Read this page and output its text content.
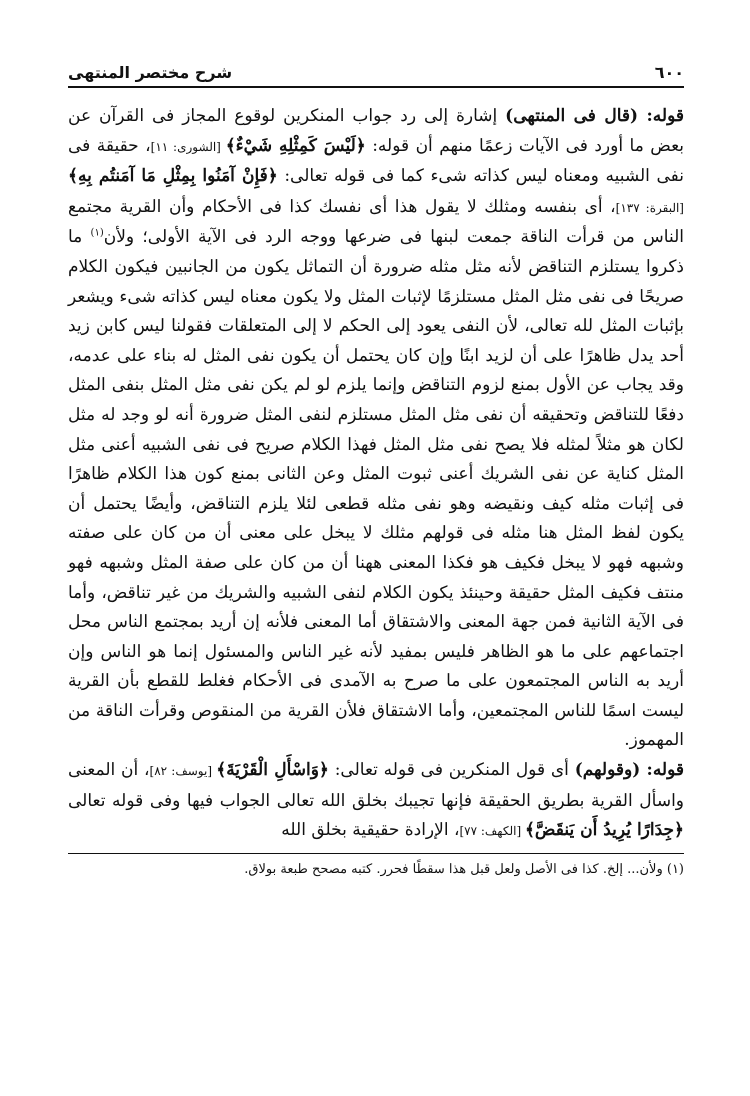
٦٠٠
شرح مختصر المنتهى

قوله: (قال فى المنتهى) إشارة إلى رد جواب المنكرين لوقوع المجاز فى القرآن عن بعض ما أورد فى الآيات زعمًا منهم أن قوله: ﴿لَيْسَ كَمِثْلِهِ شَيْءٌ﴾ [الشورى: ١١]، حقيقة فى نفى الشبيه ومعناه ليس كذاته شىء كما فى قوله تعالى: ﴿فَإِنْ آمَنُوا بِمِثْلِ مَا آمَنتُم بِهِ﴾ [البقرة: ١٣٧]، أى بنفسه ومثلك لا يقول هذا أى نفسك كذا فى الأحكام وأن القرية مجتمع الناس من قرأت الناقة جمعت لبنها فى ضرعها ووجه الرد فى الآية الأولى؛ ولأن$^{(١)}$ ما ذكروا يستلزم التناقض لأنه مثل مثله ضرورة أن التماثل يكون من الجانبين فيكون الكلام صريحًا فى نفى مثل المثل مستلزمًا لإثبات المثل ولا يكون معناه ليس كذاته شىء ويشعر بإثبات المثل لله تعالى، لأن النفى يعود إلى الحكم لا إلى المتعلقات فقولنا ليس كابن زيد أحد يدل ظاهرًا على أن لزيد ابنًا وإن كان يحتمل أن يكون نفى المثل له بناء على عدمه، وقد يجاب عن الأول بمنع لزوم التناقض وإنما يلزم لو لم يكن نفى مثل المثل بنفى المثل دفعًا للتناقض وتحقيقه أن نفى مثل المثل مستلزم لنفى المثل ضرورة أنه لو وجد له مثل لكان هو مثلاً لمثله فلا يصح نفى مثل المثل فهذا الكلام صريح فى نفى الشبيه أعنى مثل المثل كناية عن نفى الشريك أعنى ثبوت المثل وعن الثانى بمنع كون هذا الكلام ظاهرًا فى إثبات مثله كيف ونقيضه وهو نفى مثله قطعى لئلا يلزم التناقض، وأيضًا يحتمل أن يكون لفظ المثل هنا مثله فى قولهم مثلك لا يبخل على معنى أن من كان على صفته وشبهه فهو لا يبخل فكيف هو فكذا المعنى ههنا أن من كان على صفة المثل وشبهه فهو منتف فكيف المثل حقيقة وحينئذ يكون الكلام لنفى الشبيه والشريك من غير تناقض، وأما فى الآية الثانية فمن جهة المعنى والاشتقاق أما المعنى فلأنه إن أريد بمجتمع الناس محل اجتماعهم على ما هو الظاهر فليس بمفيد لأنه غير الناس والمسئول إنما هو الناس وإن أريد به الناس المجتمعون على ما صرح به الآمدى فى الأحكام فغلط للقطع بأن القرية ليست اسمًا للناس المجتمعين، وأما الاشتقاق فلأن القرية من المنقوص وقرأت الناقة من المهموز.

قوله: (وقولهم) أى قول المنكرين فى قوله تعالى: ﴿وَاسْأَلِ الْقَرْيَةَ﴾ [يوسف: ٨٢]، أن المعنى واسأل القرية بطريق الحقيقة فإنها تجيبك بخلق الله تعالى الجواب فيها وفى قوله تعالى ﴿جِدَارًا يُرِيدُ أَن يَنقَضَّ﴾ [الكهف: ٧٧]، الإرادة حقيقية بخلق الله

(١) ولأن... إلخ. كذا فى الأصل ولعل قبل هذا سقطًا فحرر. كتبه مصحح طبعة بولاق.
